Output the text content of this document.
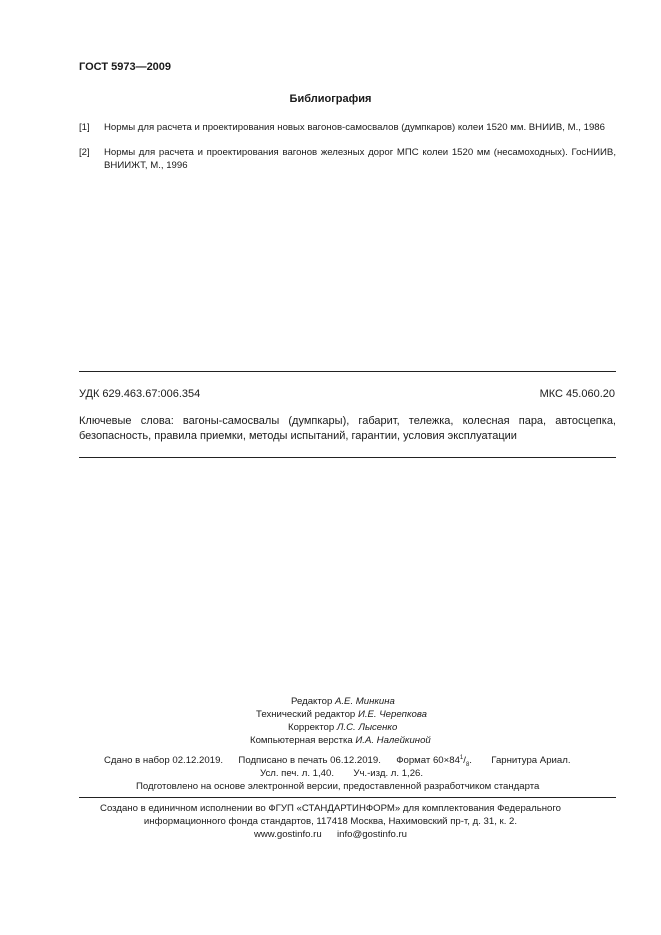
ГОСТ 5973—2009
Библиография
[1] Нормы для расчета и проектирования новых вагонов-самосвалов (думпкаров) колеи 1520 мм. ВНИИВ, М., 1986
[2] Нормы для расчета и проектирования вагонов железных дорог МПС колеи 1520 мм (несамоходных). ГосНИИВ, ВНИИЖТ, М., 1996
УДК 629.463.67:006.354	МКС 45.060.20
Ключевые слова: вагоны-самосвалы (думпкары), габарит, тележка, колесная пара, автосцепка,
безопасность, правила приемки, методы испытаний, гарантии, условия эксплуатации
Редактор А.Е. Минкина
Технический редактор И.Е. Черепкова
Корректор Л.С. Лысенко
Компьютерная верстка И.А. Налейкиной
Сдано в набор 02.12.2019. Подписано в печать 06.12.2019. Формат $60\times 84^1/_8$. Гарнитура Ариал.
Усл. печ. л. 1,40. Уч.-изд. л. 1,26.
Подготовлено на основе электронной версии, предоставленной разработчиком стандарта
Создано в единичном исполнении во ФГУП «СТАНДАРТИНФОРМ» для комплектования Федерального
информационного фонда стандартов, 117418 Москва, Нахимовский пр-т, д. 31, к. 2.
www.gostinfo.ru info@gostinfo.ru
